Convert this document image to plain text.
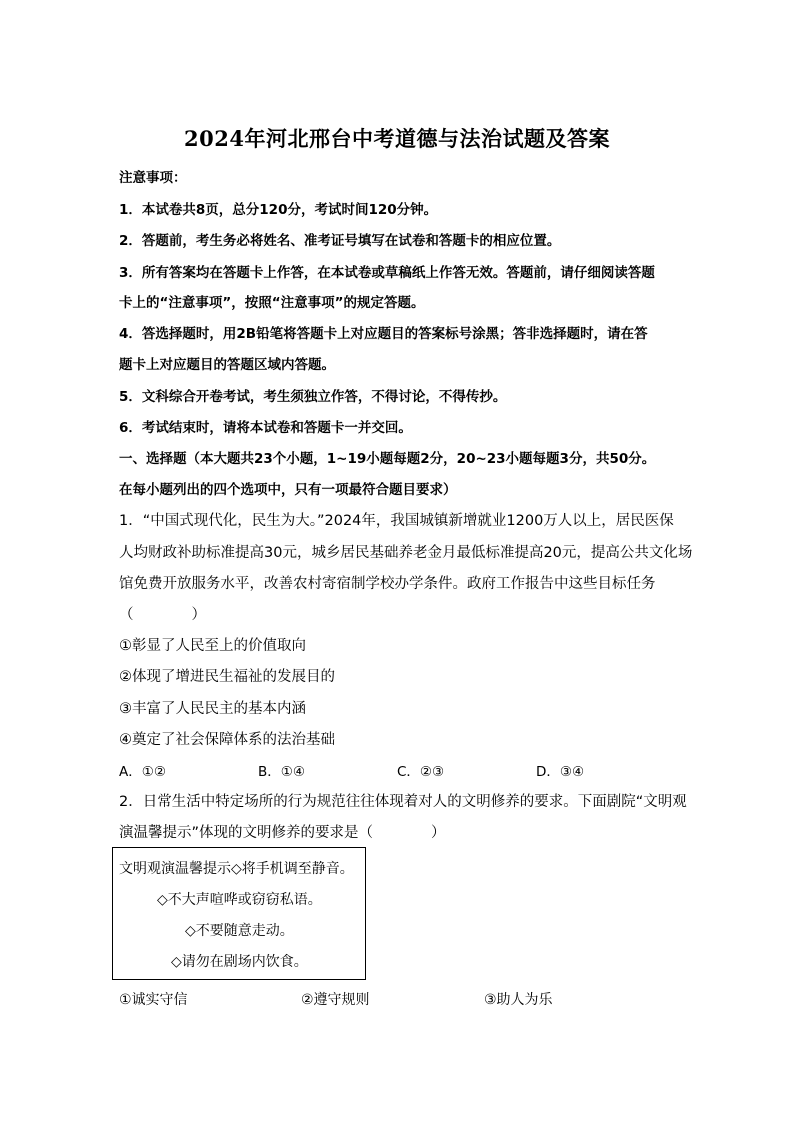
2024年河北邢台中考道德与法治试题及答案
注意事项：
1．本试卷共8页，总分120分，考试时间120分钟。
2．答题前，考生务必将姓名、准考证号填写在试卷和答题卡的相应位置。
3．所有答案均在答题卡上作答，在本试卷或草稿纸上作答无效。答题前，请仔细阅读答题
卡上的“注意事项”，按照“注意事项”的规定答题。
4．答选择题时，用2B铅笔将答题卡上对应题目的答案标号涂黑；答非选择题时，请在答
题卡上对应题目的答题区域内答题。
5．文科综合开卷考试，考生须独立作答，不得讨论，不得传抄。
6．考试结束时，请将本试卷和答题卡一并交回。
一、选择题（本大题共23个小题，1~19小题每题2分，20~23小题每题3分，共50分。
在每小题列出的四个选项中，只有一项最符合题目要求）
1．“中国式现代化，民生为大。”2024年，我国城镇新增就业1200万人以上，居民医保
人均财政补助标准提高30元，城乡居民基础养老金月最低标准提高20元，提高公共文化场
馆免费开放服务水平，改善农村寄宿制学校办学条件。政府工作报告中这些目标任务
（　　　　）
①彰显了人民至上的价值取向
②体现了增进民生福祉的发展目的
③丰富了人民民主的基本内涵
④奠定了社会保障体系的法治基础
A．①②	B．①④	C．②③	D．③④
2．日常生活中特定场所的行为规范往往体现着对人的文明修养的要求。下面剧院“文明观
演温馨提示”体现的文明修养的要求是（　　　　）
文明观演温馨提示◇将手机调至静音。
◇不大声喧哗或窃窃私语。
◇不要随意走动。
◇请勿在剧场内饮食。
①诚实守信	②遵守规则	③助人为乐
